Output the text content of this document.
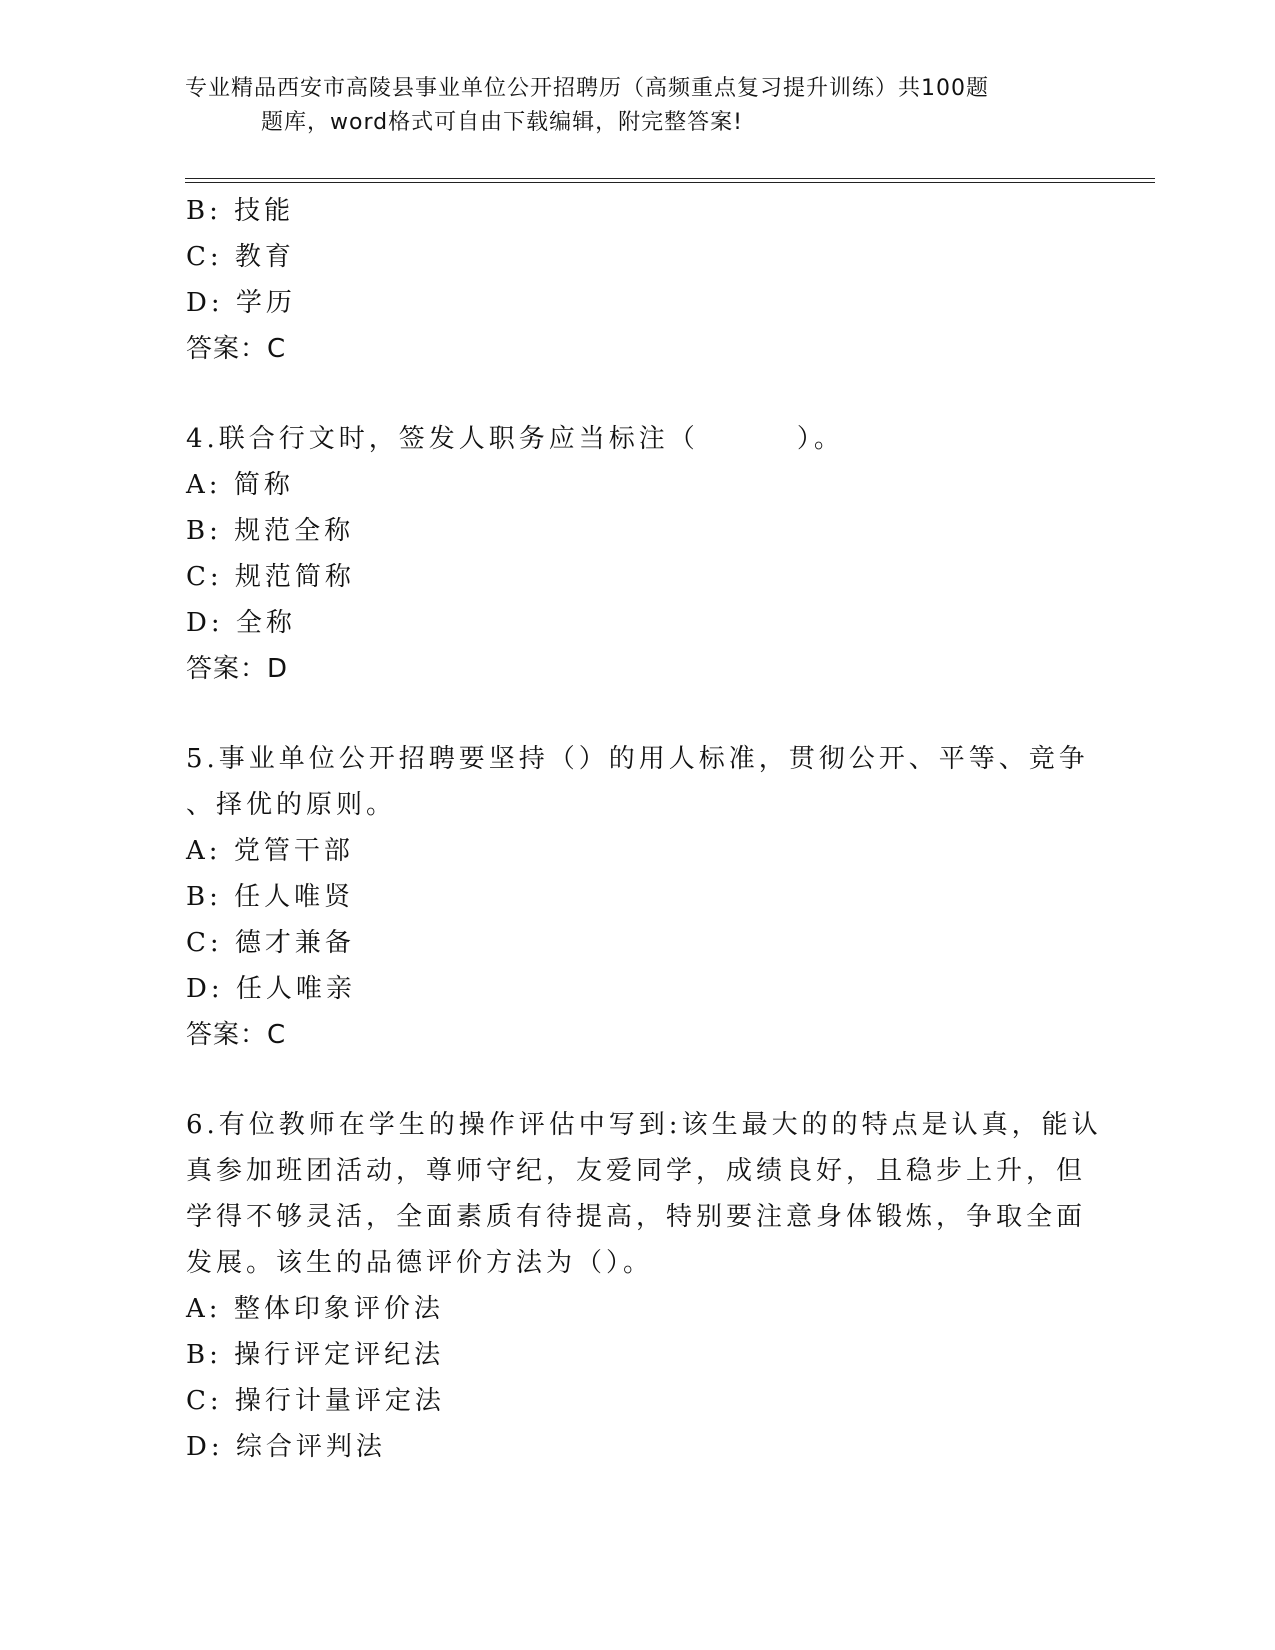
专业精品西安市高陵县事业单位公开招聘历（高频重点复习提升训练）共100题
题库，word格式可自由下载编辑，附完整答案!
B: 技能
C: 教育
D: 学历
答案：C
4.联合行文时，签发人职务应当标注（        ）。
A: 简称
B: 规范全称
C: 规范简称
D: 全称
答案：D
5.事业单位公开招聘要坚持（）的用人标准，贯彻公开、平等、竞争
、择优的原则。
A: 党管干部
B: 任人唯贤
C: 德才兼备
D: 任人唯亲
答案：C
6.有位教师在学生的操作评估中写到:该生最大的的特点是认真，能认
真参加班团活动，尊师守纪，友爱同学，成绩良好，且稳步上升，但
学得不够灵活，全面素质有待提高，特别要注意身体锻炼，争取全面
发展。该生的品德评价方法为（）。
A: 整体印象评价法
B: 操行评定评纪法
C: 操行计量评定法
D: 综合评判法
